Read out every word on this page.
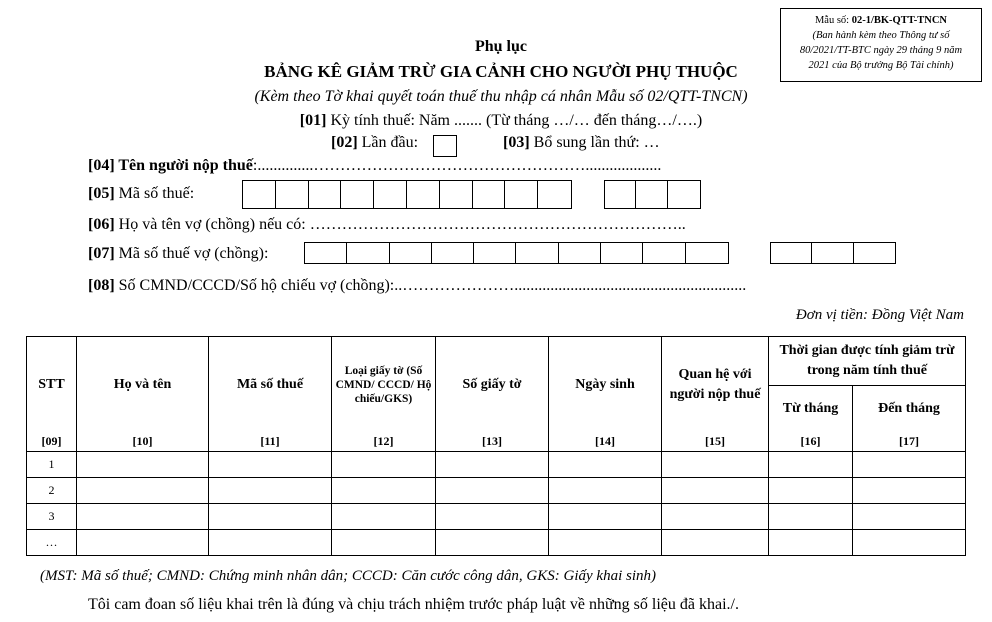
Mẫu số: 02-1/BK-QTT-TNCN
(Ban hành kèm theo Thông tư số
80/2021/TT-BTC ngày 29 tháng 9 năm
2021 của Bộ trưởng Bộ Tài chính)
Phụ lục
BẢNG KÊ GIẢM TRỪ GIA CẢNH CHO NGƯỜI PHỤ THUỘC
(Kèm theo Tờ khai quyết toán thuế thu nhập cá nhân Mẫu số 02/QTT-TNCN)
[01] Kỳ tính thuế: Năm ....... (Từ tháng …/… đến tháng…/….)
[02] Lần đầu:	[03] Bổ sung lần thứ: …
[04] Tên người nộp thuế:..............……………………………………………...................
[05] Mã số thuế:
[06] Họ và tên vợ (chồng) nếu có: ……………………………………………………………..
[07] Mã số thuế vợ (chồng):
[08] Số CMND/CCCD/Số hộ chiếu vợ (chồng):..…………………..........................................................
Đơn vị tiền: Đồng Việt Nam
STT	Họ và tên	Mã số thuế	Loại giấy tờ (Số CMND/ CCCD/ Hộ chiếu/GKS)	Số giấy tờ	Ngày sinh	Quan hệ với người nộp thuế	Thời gian được tính giảm trừ trong năm tính thuế	
							Từ tháng	Đến tháng
[09]	[10]	[11]	[12]	[13]	[14]	[15]	[16]	[17]
1								
2								
3								
…								
(MST: Mã số thuế; CMND: Chứng minh nhân dân; CCCD: Căn cước công dân, GKS: Giấy khai sinh)
Tôi cam đoan số liệu khai trên là đúng và chịu trách nhiệm trước pháp luật về những số liệu đã khai./.
